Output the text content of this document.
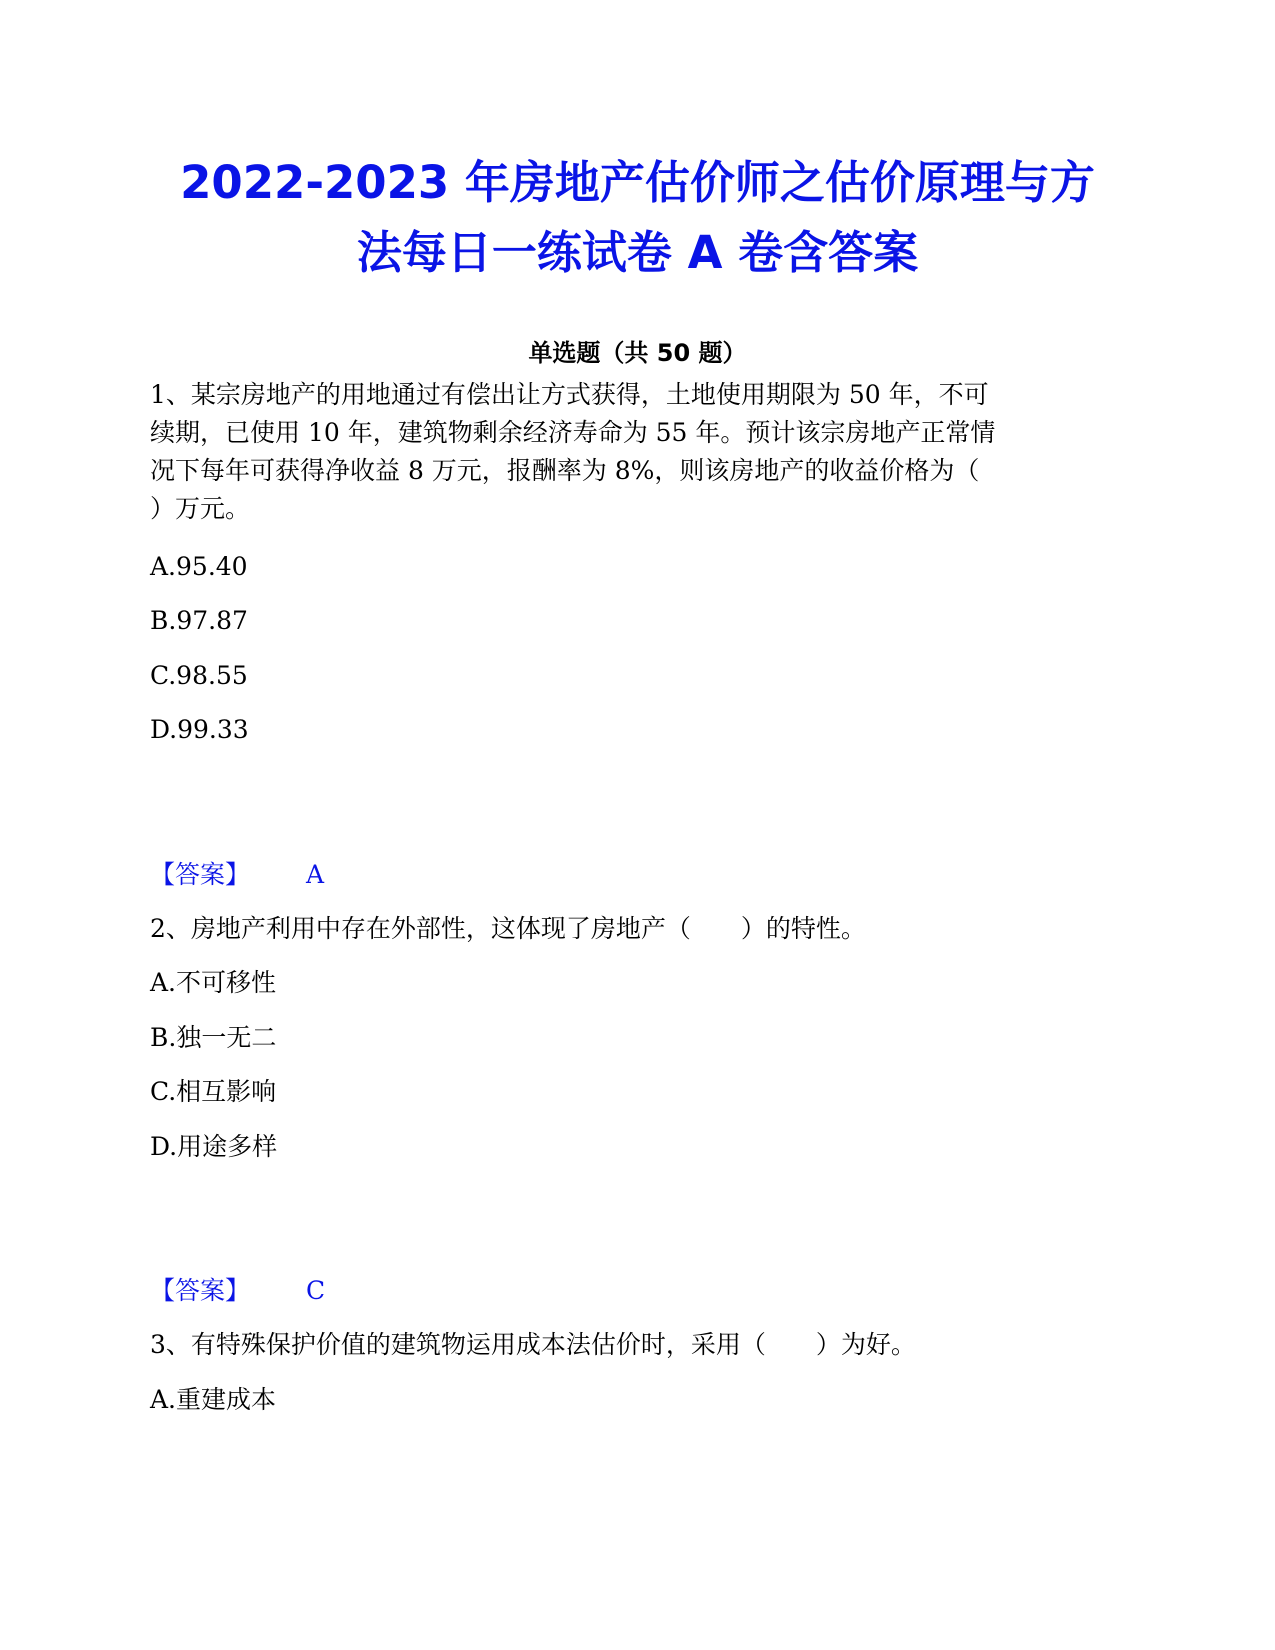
2022-2023 年房地产估价师之估价原理与方
法每日一练试卷 A 卷含答案
单选题（共 50 题）
1、某宗房地产的用地通过有偿出让方式获得，土地使用期限为 50 年，不可
续期，已使用 10 年，建筑物剩余经济寿命为 55 年。预计该宗房地产正常情
况下每年可获得净收益 8 万元，报酬率为 8%，则该房地产的收益价格为（
）万元。
A.95.40
B.97.87
C.98.55
D.99.33
【答案】 A
2、房地产利用中存在外部性，这体现了房地产（　　）的特性。
A.不可移性
B.独一无二
C.相互影响
D.用途多样
【答案】 C
3、有特殊保护价值的建筑物运用成本法估价时，采用（　　）为好。
A.重建成本
